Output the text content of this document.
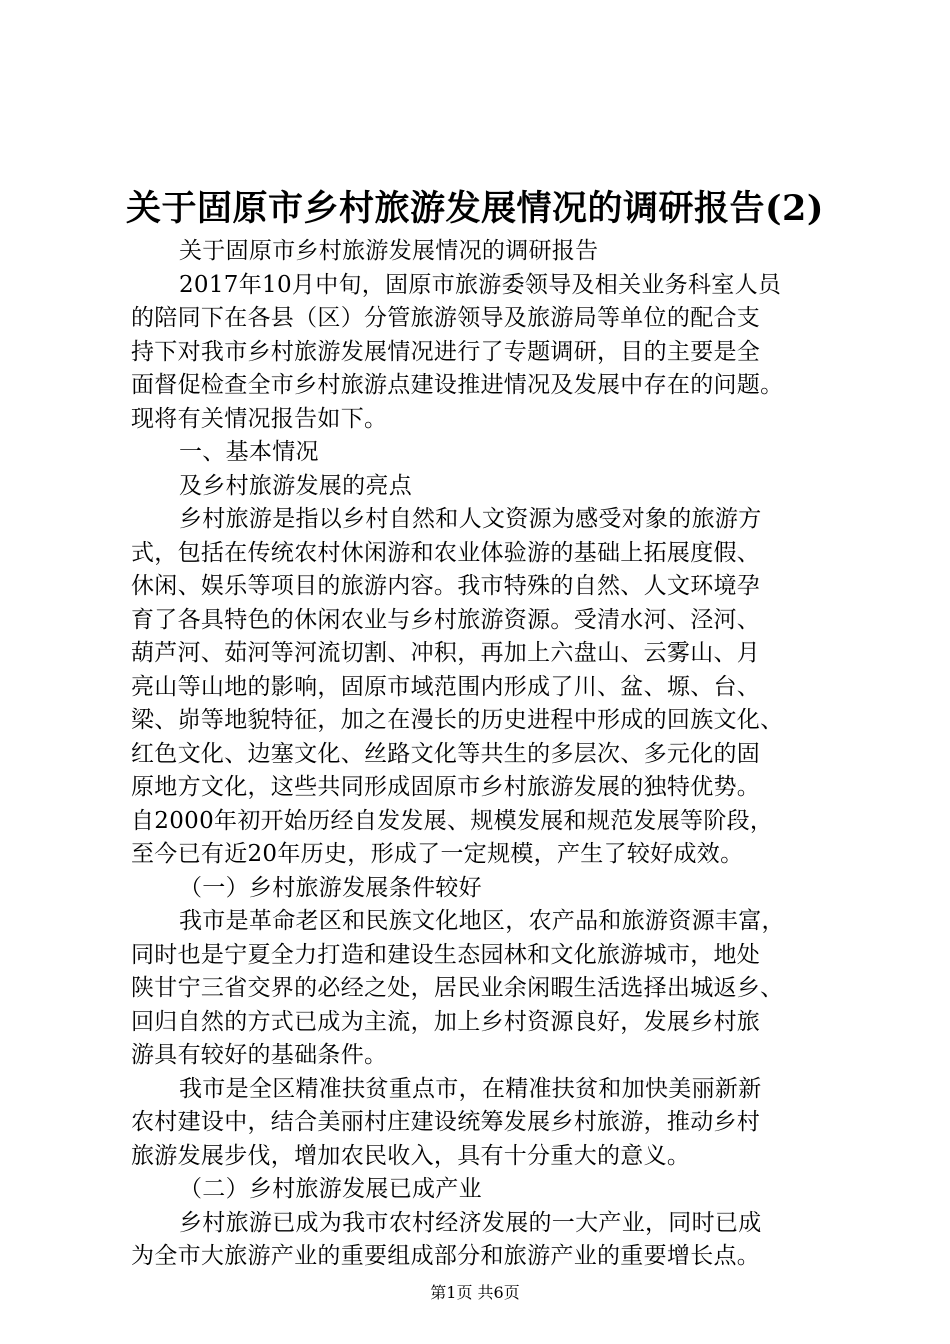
关于固原市乡村旅游发展情况的调研报告(2)
关于固原市乡村旅游发展情况的调研报告
2017年10月中旬，固原市旅游委领导及相关业务科室人员
的陪同下在各县（区）分管旅游领导及旅游局等单位的配合支
持下对我市乡村旅游发展情况进行了专题调研，目的主要是全
面督促检查全市乡村旅游点建设推进情况及发展中存在的问题。
现将有关情况报告如下。
一、基本情况
及乡村旅游发展的亮点
乡村旅游是指以乡村自然和人文资源为感受对象的旅游方
式，包括在传统农村休闲游和农业体验游的基础上拓展度假、
休闲、娱乐等项目的旅游内容。我市特殊的自然、人文环境孕
育了各具特色的休闲农业与乡村旅游资源。受清水河、泾河、
葫芦河、茹河等河流切割、冲积，再加上六盘山、云雾山、月
亮山等山地的影响，固原市域范围内形成了川、盆、塬、台、
梁、峁等地貌特征，加之在漫长的历史进程中形成的回族文化、
红色文化、边塞文化、丝路文化等共生的多层次、多元化的固
原地方文化，这些共同形成固原市乡村旅游发展的独特优势。
自2000年初开始历经自发发展、规模发展和规范发展等阶段，
至今已有近20年历史，形成了一定规模，产生了较好成效。
（一）乡村旅游发展条件较好
我市是革命老区和民族文化地区，农产品和旅游资源丰富，
同时也是宁夏全力打造和建设生态园林和文化旅游城市，地处
陕甘宁三省交界的必经之处，居民业余闲暇生活选择出城返乡、
回归自然的方式已成为主流，加上乡村资源良好，发展乡村旅
游具有较好的基础条件。
我市是全区精准扶贫重点市，在精准扶贫和加快美丽新新
农村建设中，结合美丽村庄建设统筹发展乡村旅游，推动乡村
旅游发展步伐，增加农民收入，具有十分重大的意义。
（二）乡村旅游发展已成产业
乡村旅游已成为我市农村经济发展的一大产业，同时已成
为全市大旅游产业的重要组成部分和旅游产业的重要增长点。
第1页 共6页
